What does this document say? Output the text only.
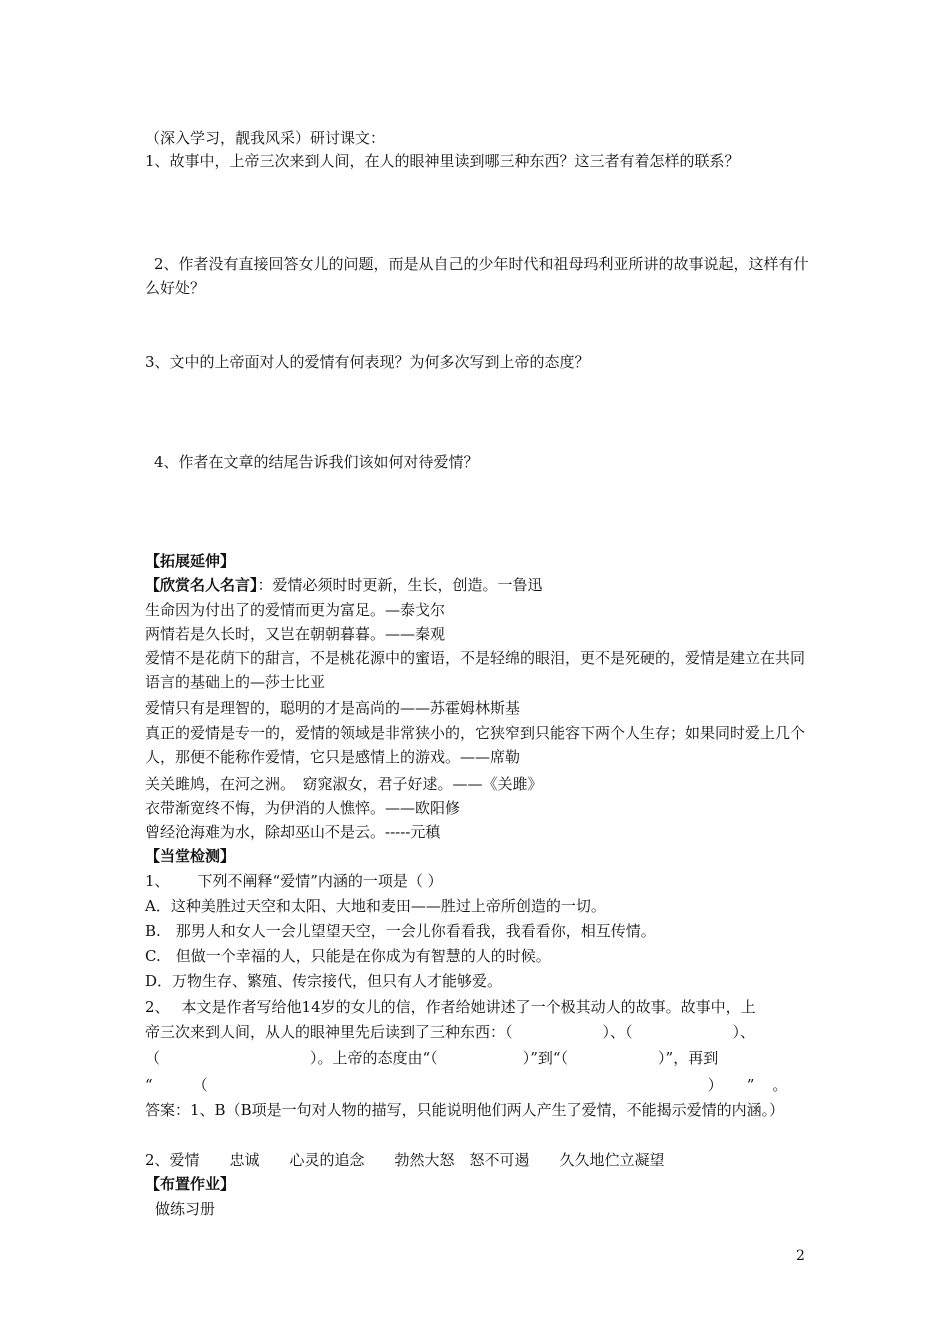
（深入学习，靓我风采）研讨课文：
1、故事中，上帝三次来到人间，在人的眼神里读到哪三种东西？这三者有着怎样的联系？
2、作者没有直接回答女儿的问题，而是从自己的少年时代和祖母玛利亚所讲的故事说起，这样有什么好处？
3、文中的上帝面对人的爱情有何表现？为何多次写到上帝的态度？
4、作者在文章的结尾告诉我们该如何对待爱情？
【拓展延伸】
【欣赏名人名言】：爱情必须时时更新，生长，创造。一鲁迅
生命因为付出了的爱情而更为富足。—泰戈尔
两情若是久长时，又岂在朝朝暮暮。——秦观
爱情不是花荫下的甜言，不是桃花源中的蜜语，不是轻绵的眼泪，更不是死硬的，爱情是建立在共同语言的基础上的—莎士比亚
爱情只有是理智的，聪明的才是高尚的——苏霍姆林斯基
真正的爱情是专一的，爱情的领域是非常狭小的，它狭窄到只能容下两个人生存；如果同时爱上几个人，那便不能称作爱情，它只是感情上的游戏。——席勒
关关雎鸠，在河之洲。　窈窕淑女，君子好逑。——《关雎》
衣带渐宽终不悔，为伊消的人憔悴。——欧阳修
曾经沧海难为水，除却巫山不是云。-----元稹
【当堂检测】
1、 下列不阐释“爱情”内涵的一项是（ ）
A．这种美胜过天空和太阳、大地和麦田——胜过上帝所创造的一切。
B.　那男人和女人一会儿望望天空，一会儿你看看我，我看看你，相互传情。
C.　但做一个幸福的人，只能是在你成为有智慧的人的时候。
D．万物生存、繁殖、传宗接代，但只有人才能够爱。
2、 本文是作者写给他14岁的女儿的信，作者给她讲述了一个极其动人的故事。故事中，上
帝三次来到人间，从人的眼神里先后读到了三种东西：（	）、（	）、
（	）。上帝的态度由“（	）”到“（	）”，再到
“	（	） ” 。
答案：1、B（B项是一句对人物的描写，只能说明他们两人产生了爱情，不能揭示爱情的内涵。）
2、爱情　　忠诚　　心灵的追念　　勃然大怒　怒不可遏　　久久地伫立凝望
【布置作业】
做练习册
2
